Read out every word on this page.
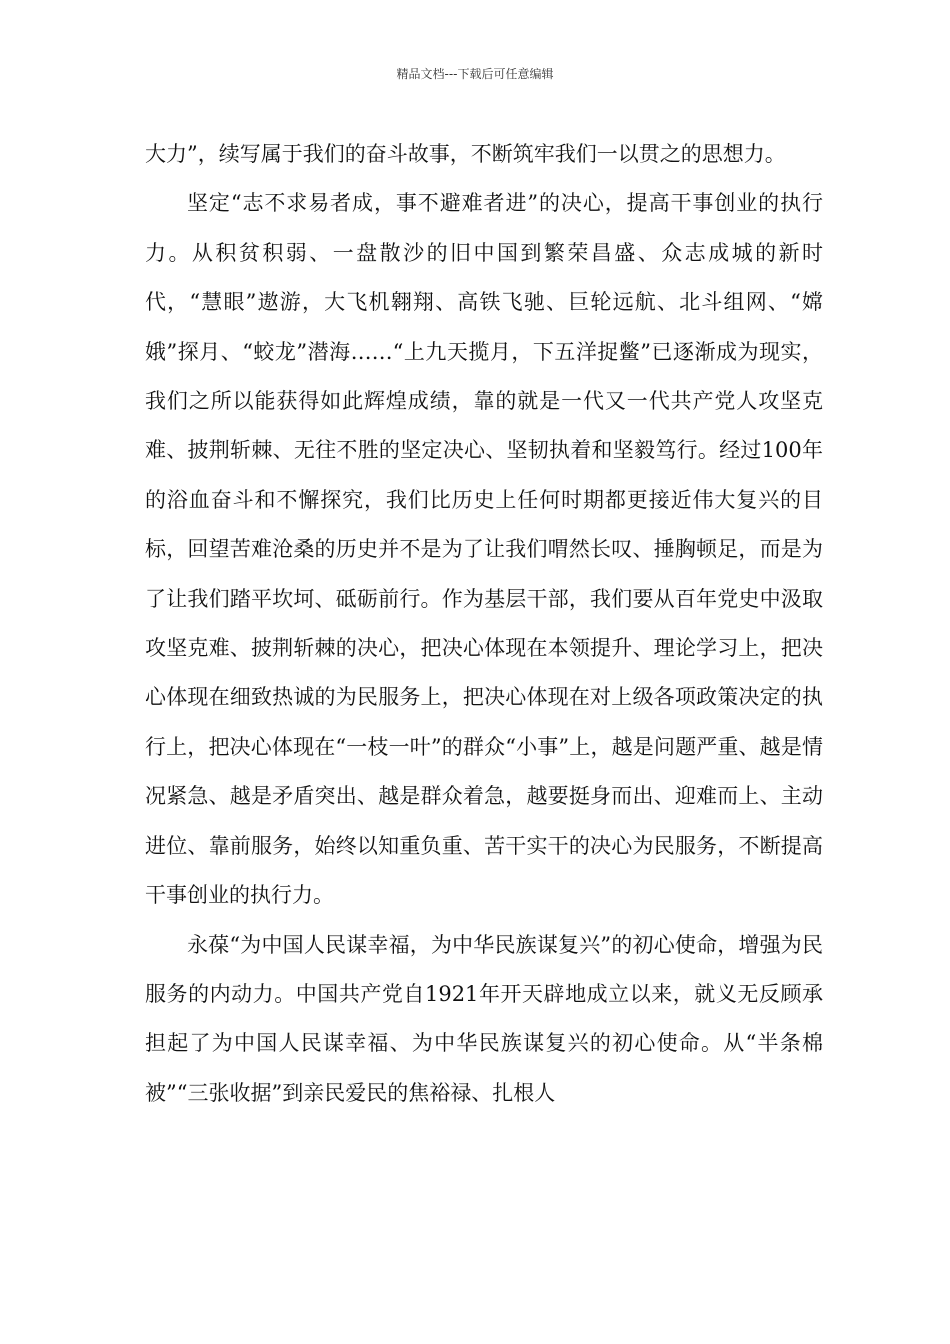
精品文档---下载后可任意编辑

大力”，续写属于我们的奋斗故事，不断筑牢我们一以贯之的思想力。

坚定“志不求易者成，事不避难者进”的决心，提高干事创业的执行力。从积贫积弱、一盘散沙的旧中国到繁荣昌盛、众志成城的新时代，“慧眼”遨游，大飞机翱翔、高铁飞驰、巨轮远航、北斗组网、“嫦娥”探月、“蛟龙”潜海……“上九天揽月，下五洋捉鳖”已逐渐成为现实，我们之所以能获得如此辉煌成绩，靠的就是一代又一代共产党人攻坚克难、披荆斩棘、无往不胜的坚定决心、坚韧执着和坚毅笃行。经过100年的浴血奋斗和不懈探究，我们比历史上任何时期都更接近伟大复兴的目标，回望苦难沧桑的历史并不是为了让我们喟然长叹、捶胸顿足，而是为了让我们踏平坎坷、砥砺前行。作为基层干部，我们要从百年党史中汲取攻坚克难、披荆斩棘的决心，把决心体现在本领提升、理论学习上，把决心体现在细致热诚的为民服务上，把决心体现在对上级各项政策决定的执行上，把决心体现在“一枝一叶”的群众“小事”上，越是问题严重、越是情况紧急、越是矛盾突出、越是群众着急，越要挺身而出、迎难而上、主动进位、靠前服务，始终以知重负重、苦干实干的决心为民服务，不断提高干事创业的执行力。

永葆“为中国人民谋幸福，为中华民族谋复兴”的初心使命，增强为民服务的内动力。中国共产党自1921年开天辟地成立以来，就义无反顾承担起了为中国人民谋幸福、为中华民族谋复兴的初心使命。从“半条棉被”“三张收据”到亲民爱民的焦裕禄、扎根人
